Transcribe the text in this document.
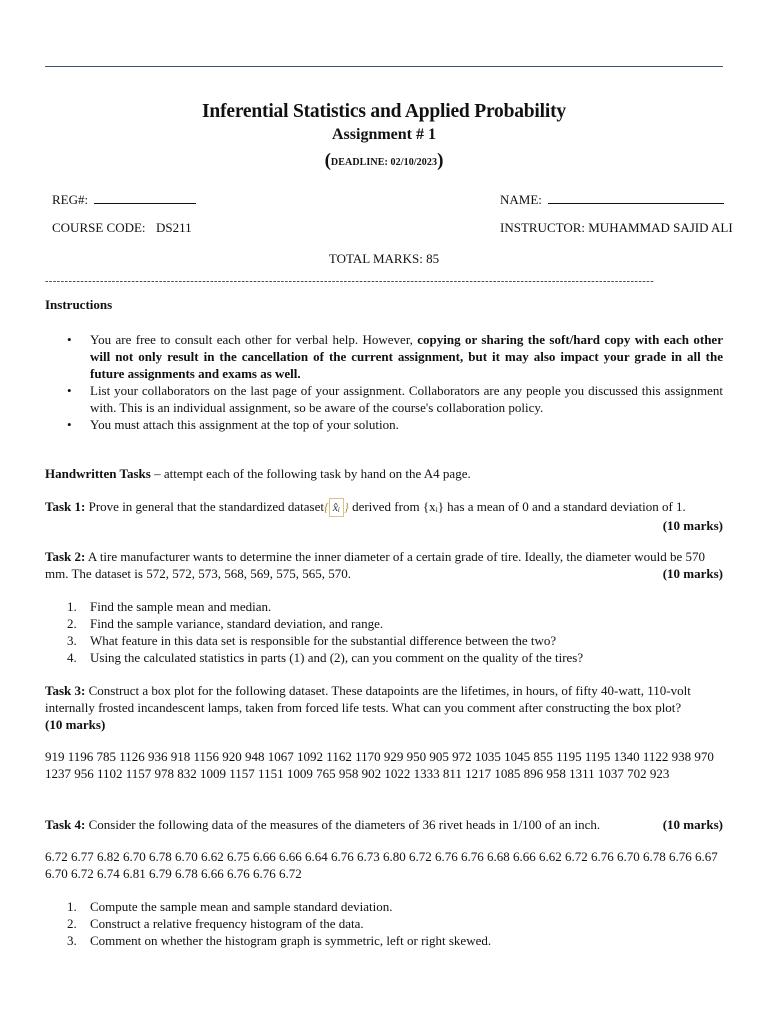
Inferential Statistics and Applied Probability
Assignment # 1
(DEADLINE: 02/10/2023)
REG#:	NAME:
COURSE CODE: DS211	INSTRUCTOR: MUHAMMAD SAJID ALI
TOTAL MARKS: 85
-----------------------------------------------------------------------------------------------------------------------------------------------------------
Instructions
• You are free to consult each other for verbal help. However, copying or sharing the soft/hard copy with each other will not only result in the cancellation of the current assignment, but it may also impact your grade in all the future assignments and exams as well.
• List your collaborators on the last page of your assignment. Collaborators are any people you discussed this assignment with. This is an individual assignment, so be aware of the course's collaboration policy.
• You must attach this assignment at the top of your solution.
Handwritten Tasks – attempt each of the following task by hand on the A4 page.
Task 1: Prove in general that the standardized dataset{ x̂ᵢ } derived from {xᵢ} has a mean of 0 and a standard deviation of 1.
(10 marks)
Task 2: A tire manufacturer wants to determine the inner diameter of a certain grade of tire. Ideally, the diameter would be 570 mm. The dataset is 572, 572, 573, 568, 569, 575, 565, 570.	(10 marks)
1. Find the sample mean and median.
2. Find the sample variance, standard deviation, and range.
3. What feature in this data set is responsible for the substantial difference between the two?
4. Using the calculated statistics in parts (1) and (2), can you comment on the quality of the tires?
Task 3: Construct a box plot for the following dataset. These datapoints are the lifetimes, in hours, of fifty 40-watt, 110-volt internally frosted incandescent lamps, taken from forced life tests. What can you comment after constructing the box plot?
(10 marks)
919 1196 785 1126 936 918 1156 920 948 1067 1092 1162 1170 929 950 905 972 1035 1045 855 1195 1195 1340 1122 938 970 1237 956 1102 1157 978 832 1009 1157 1151 1009 765 958 902 1022 1333 811 1217 1085 896 958 1311 1037 702 923
Task 4: Consider the following data of the measures of the diameters of 36 rivet heads in 1/100 of an inch.	(10 marks)
6.72 6.77 6.82 6.70 6.78 6.70 6.62 6.75 6.66 6.66 6.64 6.76 6.73 6.80 6.72 6.76 6.76 6.68 6.66 6.62 6.72 6.76 6.70 6.78 6.76 6.67 6.70 6.72 6.74 6.81 6.79 6.78 6.66 6.76 6.76 6.72
1. Compute the sample mean and sample standard deviation.
2. Construct a relative frequency histogram of the data.
3. Comment on whether the histogram graph is symmetric, left or right skewed.
